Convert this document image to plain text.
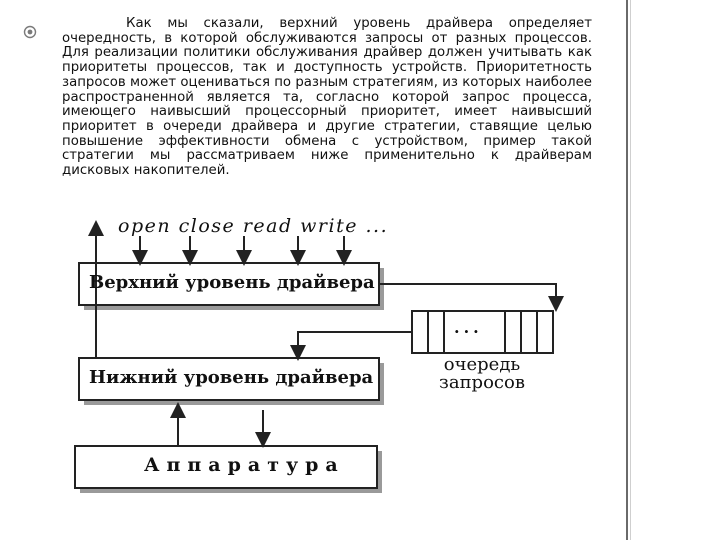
Как мы сказали, верхний уровень драйвера определяет очередность, в которой обслуживаются запросы от разных процессов. Для реализации политики обслуживания драйвер должен учитывать как приоритеты процессов, так и доступность устройств. Приоритетность запросов может оцениваться по разным стратегиям, из которых наиболее распространенной является та, согласно которой запрос процесса, имеющего наивысший процессорный приоритет, имеет наивысший приоритет в очереди драйвера и другие стратегии, ставящие целью повышение эффективности обмена с устройством, пример такой стратегии мы рассматриваем ниже применительно к драйверам дисковых накопителей.
open close read write ...
Верхний уровень драйвера
...
очередь
запросов
Нижний уровень драйвера
Аппаратура
